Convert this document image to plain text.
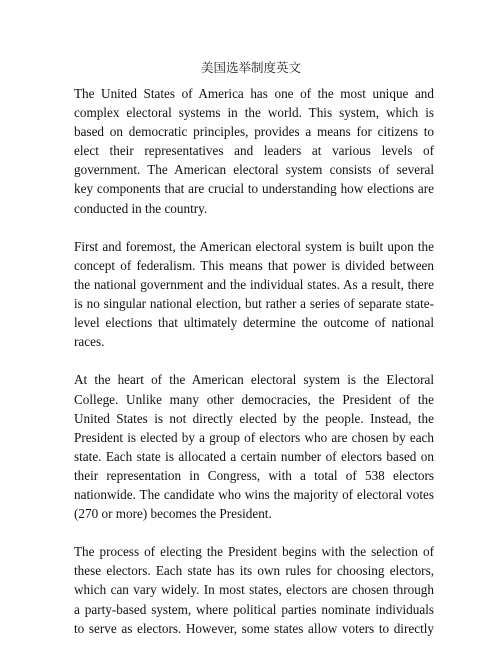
美国选举制度英文
The United States of America has one of the most unique and
complex electoral systems in the world. This system, which is
based on democratic principles, provides a means for citizens to
elect their representatives and leaders at various levels of
government. The American electoral system consists of several
key components that are crucial to understanding how elections are
conducted in the country.
First and foremost, the American electoral system is built upon the
concept of federalism. This means that power is divided between
the national government and the individual states. As a result, there
is no singular national election, but rather a series of separate state-
level elections that ultimately determine the outcome of national
races.
At the heart of the American electoral system is the Electoral
College. Unlike many other democracies, the President of the
United States is not directly elected by the people. Instead, the
President is elected by a group of electors who are chosen by each
state. Each state is allocated a certain number of electors based on
their representation in Congress, with a total of 538 electors
nationwide. The candidate who wins the majority of electoral votes
(270 or more) becomes the President.
The process of electing the President begins with the selection of
these electors. Each state has its own rules for choosing electors,
which can vary widely. In most states, electors are chosen through
a party-based system, where political parties nominate individuals
to serve as electors. However, some states allow voters to directly
